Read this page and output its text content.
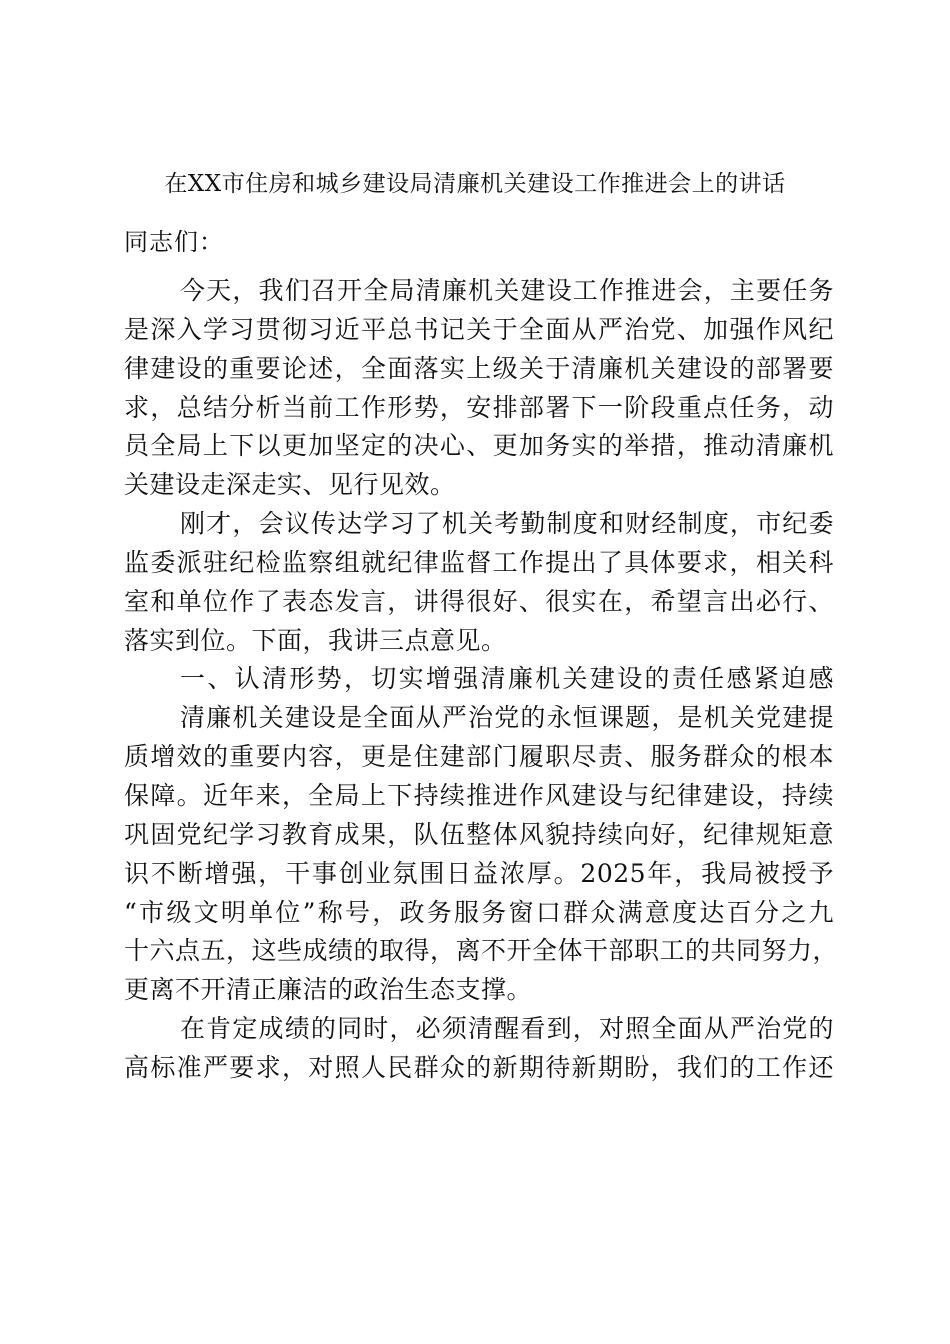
在XX市住房和城乡建设局清廉机关建设工作推进会上的讲话
同志们：
今天，我们召开全局清廉机关建设工作推进会，主要任务
是深入学习贯彻习近平总书记关于全面从严治党、加强作风纪
律建设的重要论述，全面落实上级关于清廉机关建设的部署要
求，总结分析当前工作形势，安排部署下一阶段重点任务，动
员全局上下以更加坚定的决心、更加务实的举措，推动清廉机
关建设走深走实、见行见效。
刚才，会议传达学习了机关考勤制度和财经制度，市纪委
监委派驻纪检监察组就纪律监督工作提出了具体要求，相关科
室和单位作了表态发言，讲得很好、很实在，希望言出必行、
落实到位。下面，我讲三点意见。
一、认清形势，切实增强清廉机关建设的责任感紧迫感
清廉机关建设是全面从严治党的永恒课题，是机关党建提
质增效的重要内容，更是住建部门履职尽责、服务群众的根本
保障。近年来，全局上下持续推进作风建设与纪律建设，持续
巩固党纪学习教育成果，队伍整体风貌持续向好，纪律规矩意
识不断增强，干事创业氛围日益浓厚。2025年，我局被授予
“市级文明单位”称号，政务服务窗口群众满意度达百分之九
十六点五，这些成绩的取得，离不开全体干部职工的共同努力，
更离不开清正廉洁的政治生态支撑。
在肯定成绩的同时，必须清醒看到，对照全面从严治党的
高标准严要求，对照人民群众的新期待新期盼，我们的工作还
